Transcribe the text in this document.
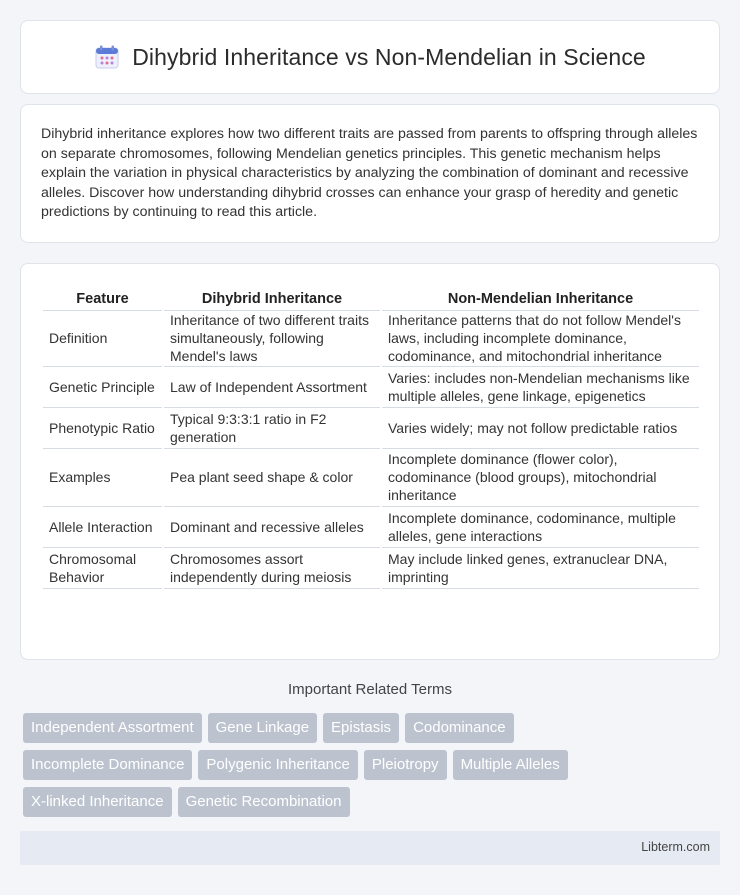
Dihybrid Inheritance vs Non-Mendelian in Science

Dihybrid inheritance explores how two different traits are passed from parents to offspring through alleles on separate chromosomes, following Mendelian genetics principles. This genetic mechanism helps explain the variation in physical characteristics by analyzing the combination of dominant and recessive alleles. Discover how understanding dihybrid crosses can enhance your grasp of heredity and genetic predictions by continuing to read this article.

Feature	Dihybrid Inheritance	Non-Mendelian Inheritance
Definition	Inheritance of two different traits simultaneously, following Mendel's laws	Inheritance patterns that do not follow Mendel's laws, including incomplete dominance, codominance, and mitochondrial inheritance
Genetic Principle	Law of Independent Assortment	Varies: includes non-Mendelian mechanisms like multiple alleles, gene linkage, epigenetics
Phenotypic Ratio	Typical 9:3:3:1 ratio in F2 generation	Varies widely; may not follow predictable ratios
Examples	Pea plant seed shape & color	Incomplete dominance (flower color), codominance (blood groups), mitochondrial inheritance
Allele Interaction	Dominant and recessive alleles	Incomplete dominance, codominance, multiple alleles, gene interactions
Chromosomal Behavior	Chromosomes assort independently during meiosis	May include linked genes, extranuclear DNA, imprinting
Important Related Terms
Independent Assortment	Gene Linkage	Epistasis	Codominance
Incomplete Dominance	Polygenic Inheritance	Pleiotropy	Multiple Alleles
X-linked Inheritance	Genetic Recombination
Libterm.com
